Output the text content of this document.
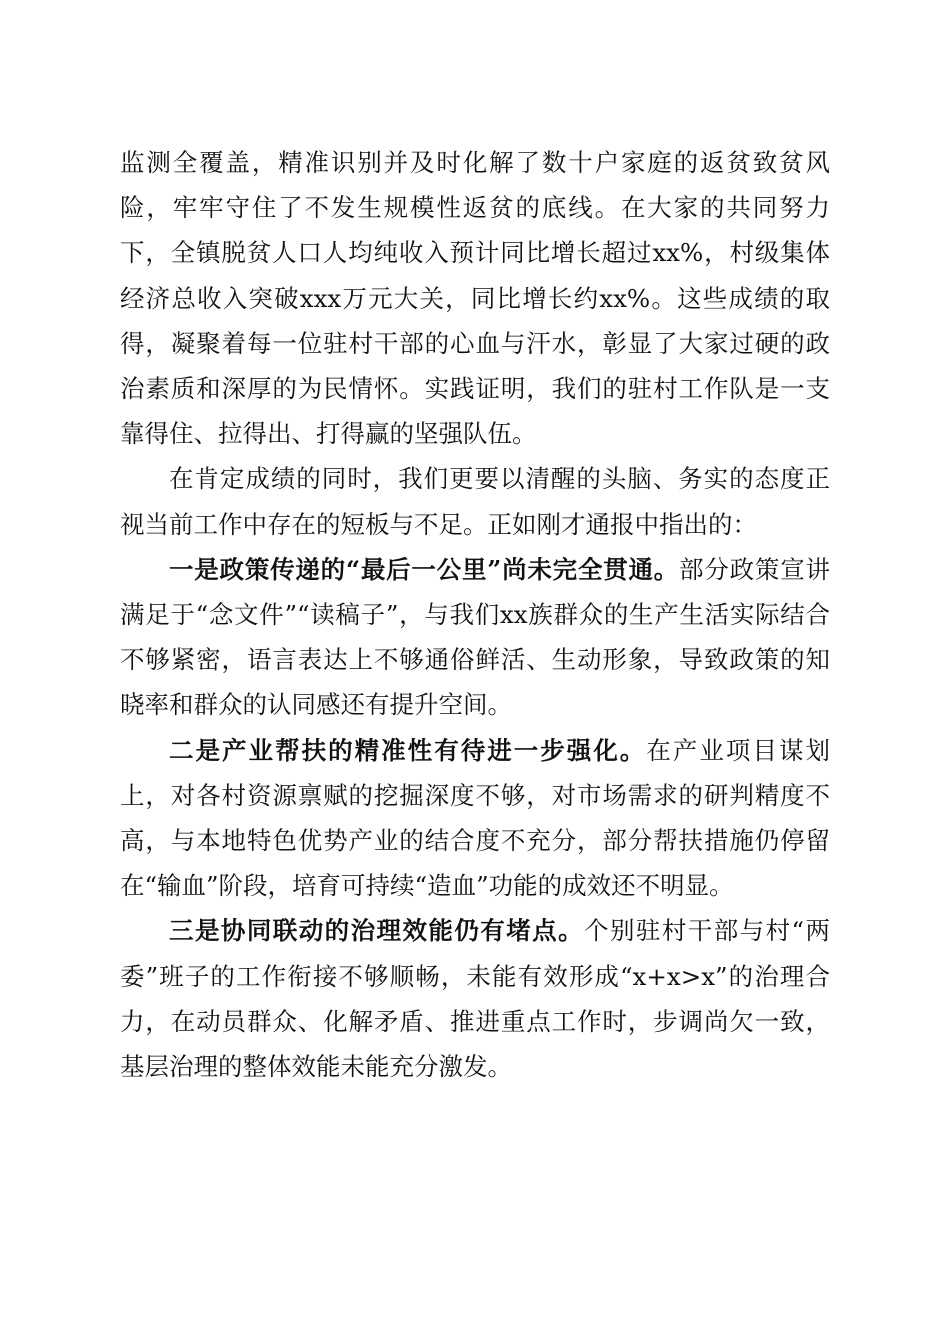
监测全覆盖，精准识别并及时化解了数十户家庭的返贫致贫风险，牢牢守住了不发生规模性返贫的底线。在大家的共同努力下，全镇脱贫人口人均纯收入预计同比增长超过xx%，村级集体经济总收入突破xxx万元大关，同比增长约xx%。这些成绩的取得，凝聚着每一位驻村干部的心血与汗水，彰显了大家过硬的政治素质和深厚的为民情怀。实践证明，我们的驻村工作队是一支靠得住、拉得出、打得赢的坚强队伍。

在肯定成绩的同时，我们更要以清醒的头脑、务实的态度正视当前工作中存在的短板与不足。正如刚才通报中指出的：

一是政策传递的“最后一公里”尚未完全贯通。部分政策宣讲满足于“念文件”“读稿子”，与我们xx族群众的生产生活实际结合不够紧密，语言表达上不够通俗鲜活、生动形象，导致政策的知晓率和群众的认同感还有提升空间。

二是产业帮扶的精准性有待进一步强化。在产业项目谋划上，对各村资源禀赋的挖掘深度不够，对市场需求的研判精度不高，与本地特色优势产业的结合度不充分，部分帮扶措施仍停留在“输血”阶段，培育可持续“造血”功能的成效还不明显。

三是协同联动的治理效能仍有堵点。个别驻村干部与村“两委”班子的工作衔接不够顺畅，未能有效形成“x+x>x”的治理合力，在动员群众、化解矛盾、推进重点工作时，步调尚欠一致，基层治理的整体效能未能充分激发。
